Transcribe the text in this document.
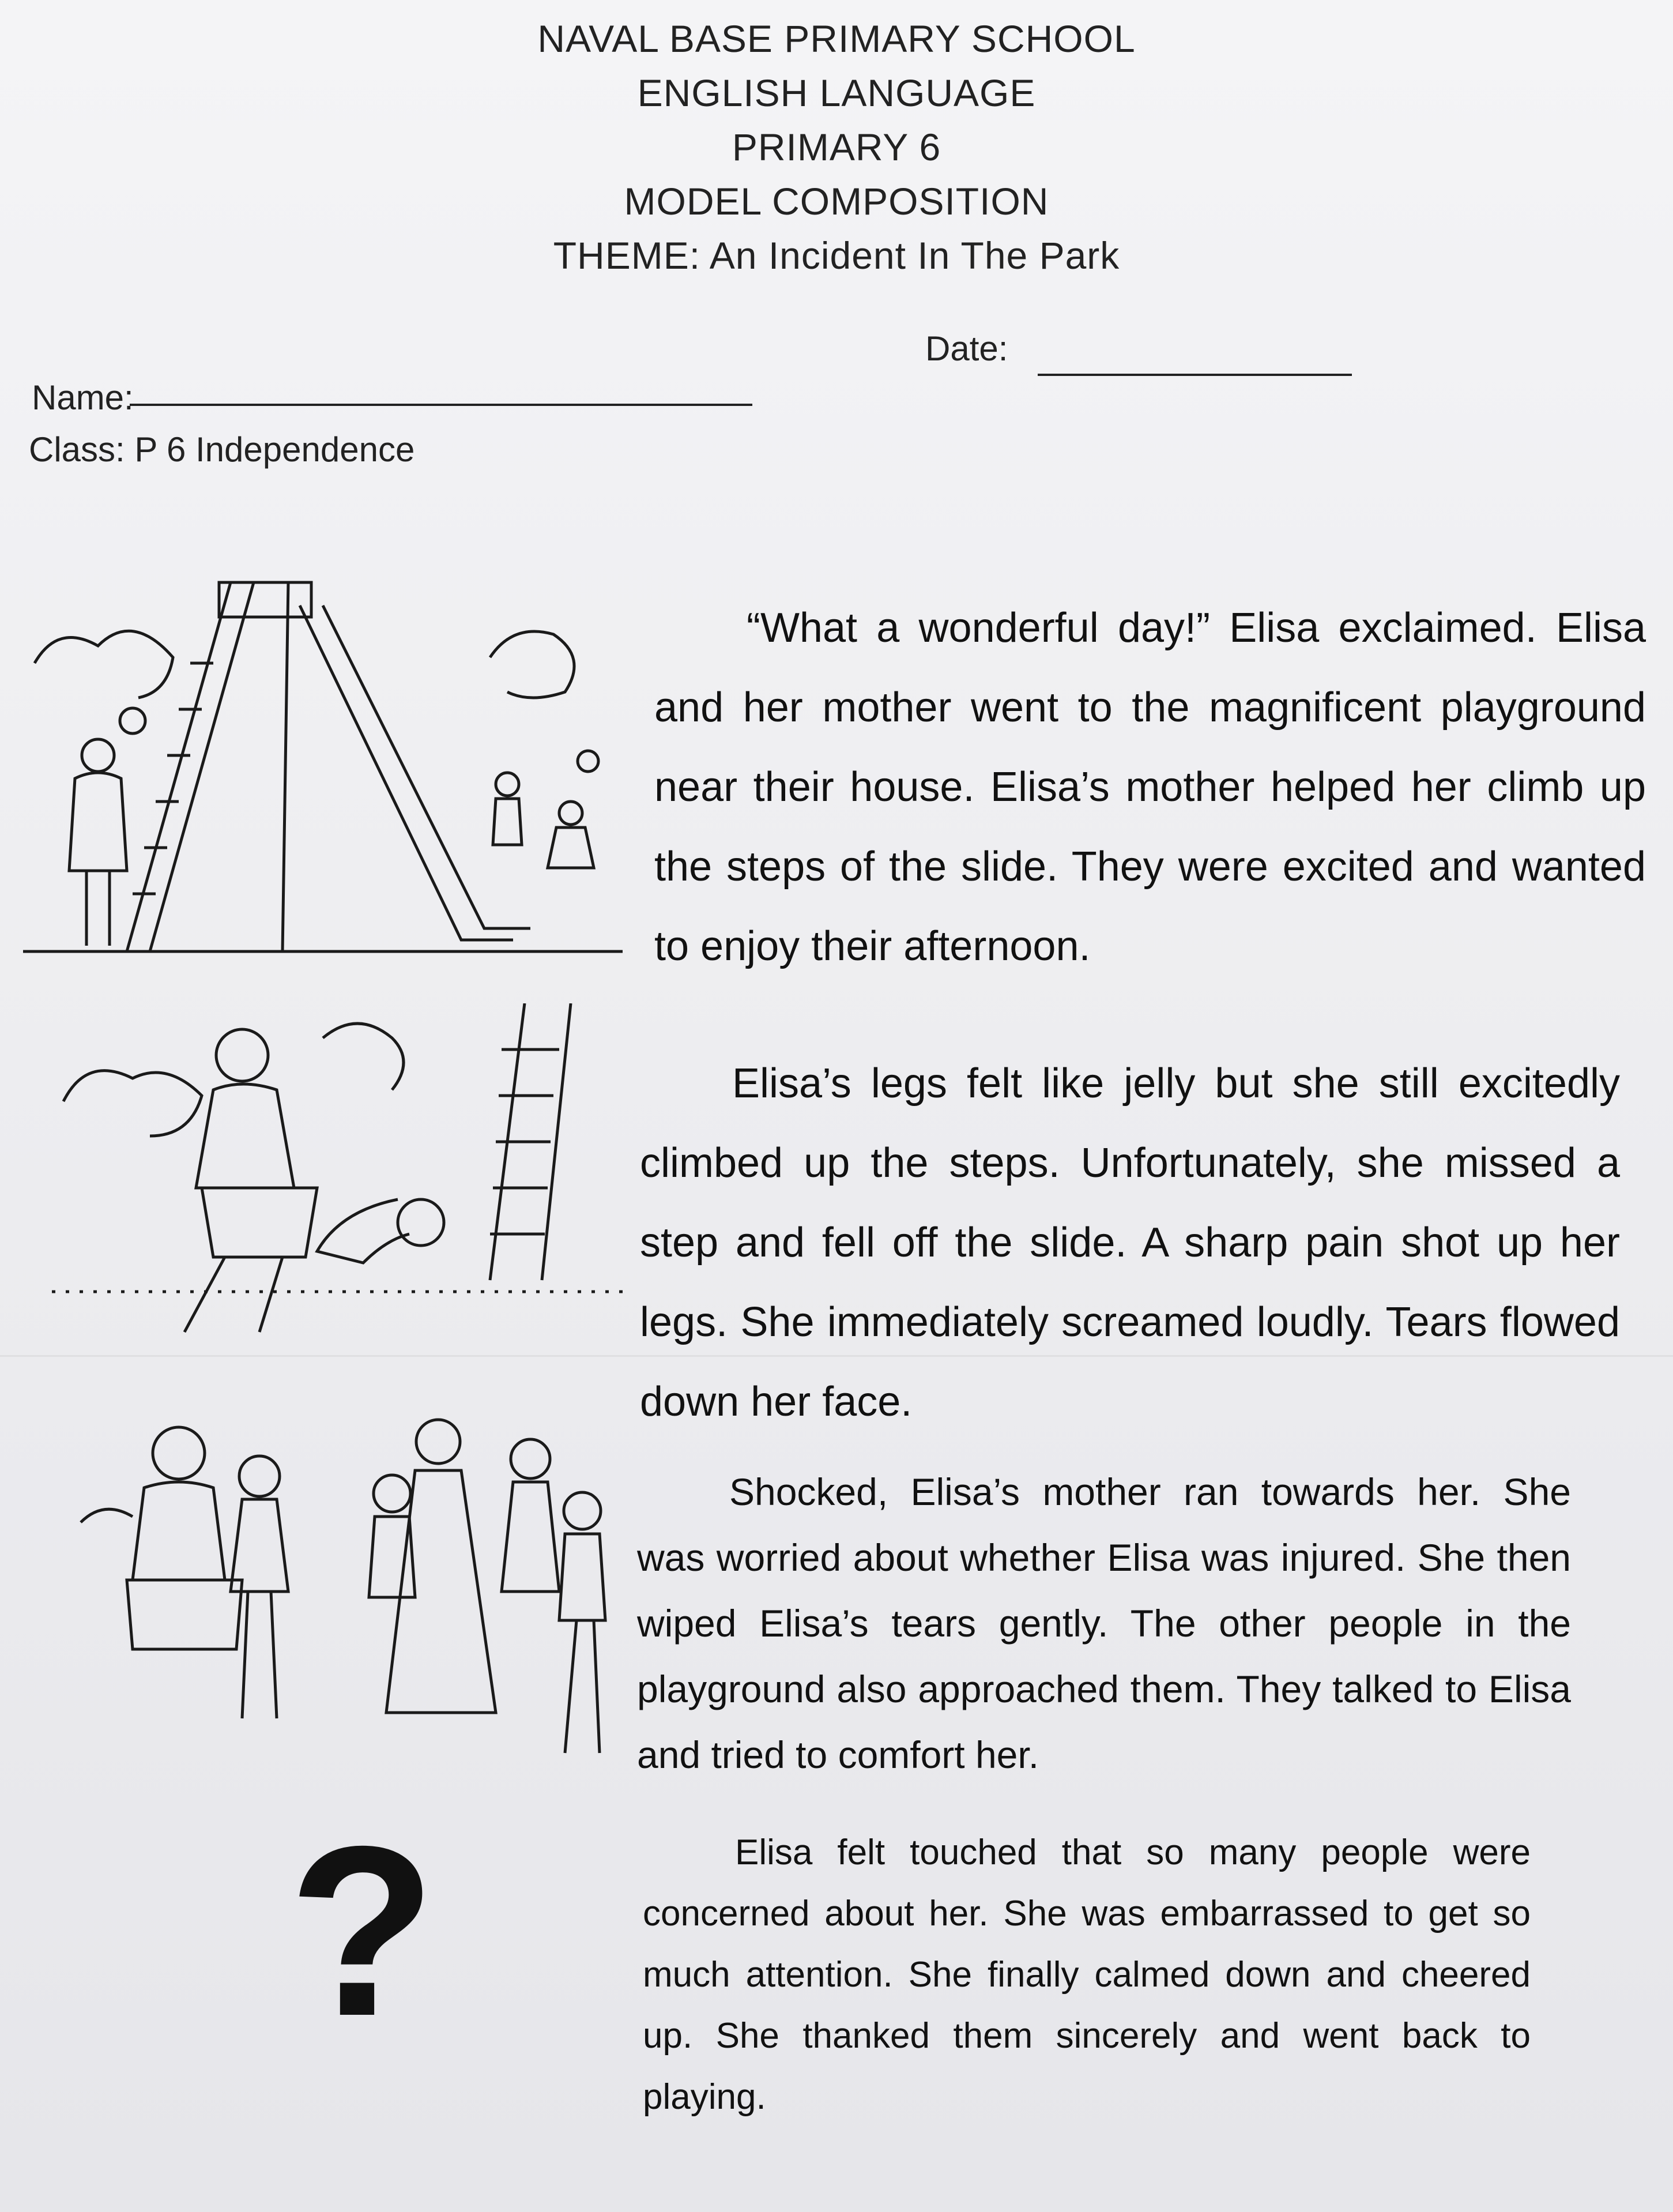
NAVAL BASE PRIMARY SCHOOL
ENGLISH LANGUAGE
PRIMARY 6
MODEL COMPOSITION
THEME: An Incident In The Park
Date:
Name:
Class: P 6 Independence

“What a wonderful day!” Elisa exclaimed. Elisa and her mother went to the magnificent playground near their house. Elisa’s mother helped her climb up the steps of the slide. They were excited and wanted to enjoy their afternoon.

Elisa’s legs felt like jelly but she still excitedly climbed up the steps. Unfortunately, she missed a step and fell off the slide. A sharp pain shot up her legs. She immediately screamed loudly. Tears flowed down her face.

Shocked, Elisa’s mother ran towards her. She was worried about whether Elisa was injured. She then wiped Elisa’s tears gently. The other people in the playground also approached them. They talked to Elisa and tried to comfort her.

Elisa felt touched that so many people were concerned about her. She was embarrassed to get so much attention. She finally calmed down and cheered up. She thanked them sincerely and went back to playing.

?
